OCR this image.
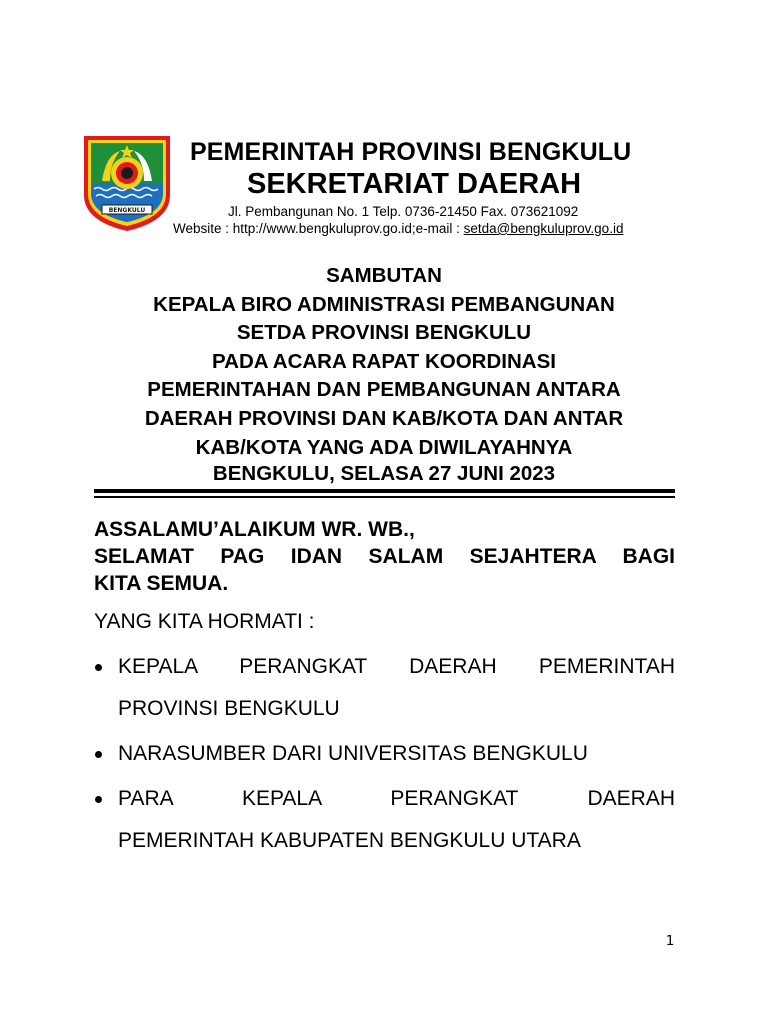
BENGKULU
PEMERINTAH PROVINSI BENGKULU
SEKRETARIAT DAERAH
Jl. Pembangunan No. 1 Telp. 0736-21450 Fax. 073621092
Website : http://www.bengkuluprov.go.id;e-mail : setda@bengkuluprov.go.id
SAMBUTAN
KEPALA BIRO ADMINISTRASI PEMBANGUNAN
SETDA PROVINSI BENGKULU
PADA ACARA RAPAT KOORDINASI
PEMERINTAHAN DAN PEMBANGUNAN ANTARA
DAERAH PROVINSI DAN KAB/KOTA DAN ANTAR
KAB/KOTA YANG ADA DIWILAYAHNYA
BENGKULU, SELASA 27 JUNI 2023
ASSALAMU’ALAIKUM WR. WB.,
SELAMAT PAG IDAN SALAM SEJAHTERA BAGI
KITA SEMUA.
YANG KITA HORMATI :
KEPALA PERANGKAT DAERAH PEMERINTAH
PROVINSI BENGKULU
NARASUMBER DARI UNIVERSITAS BENGKULU
PARA KEPALA PERANGKAT DAERAH
PEMERINTAH KABUPATEN BENGKULU UTARA
1
